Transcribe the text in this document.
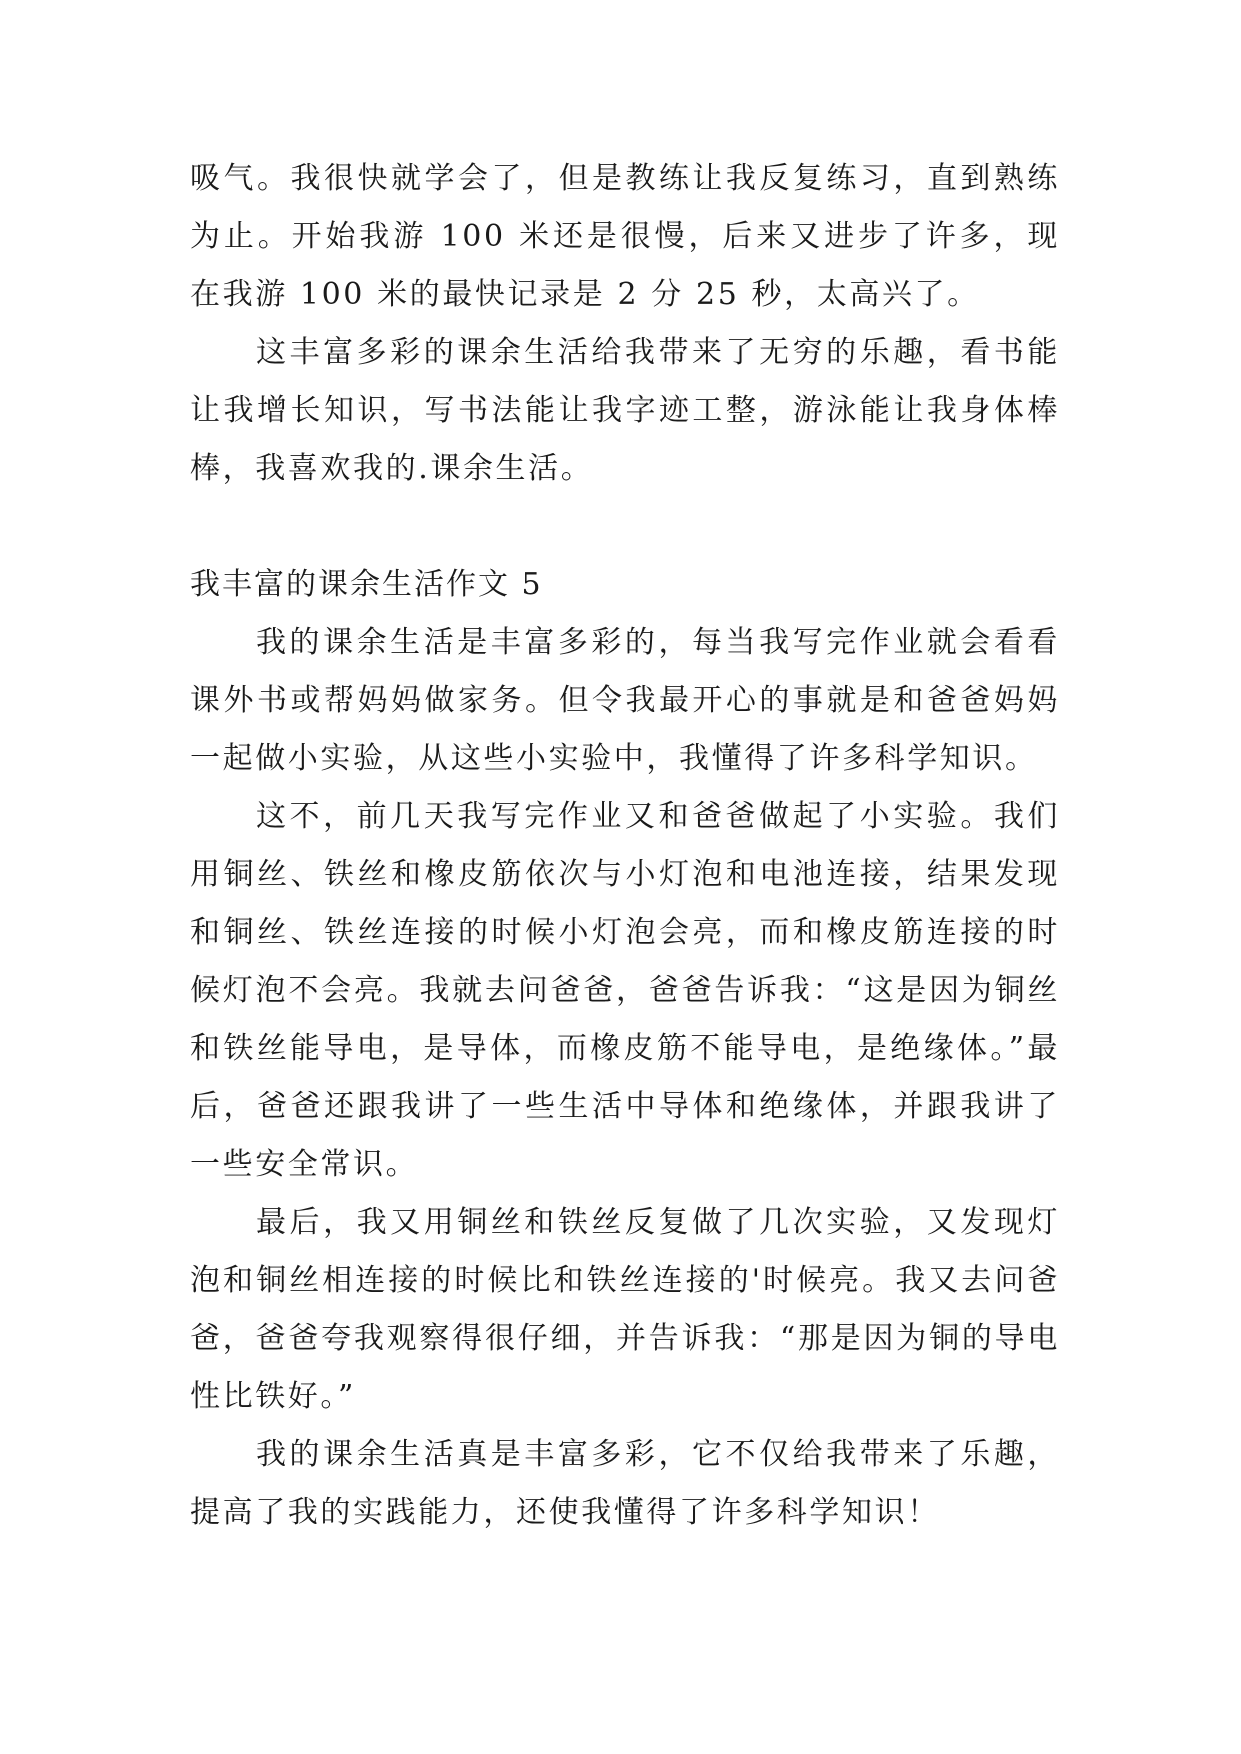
吸气。我很快就学会了，但是教练让我反复练习，直到熟练为止。开始我游 100 米还是很慢，后来又进步了许多，现在我游 100 米的最快记录是 2 分 25 秒，太高兴了。

这丰富多彩的课余生活给我带来了无穷的乐趣，看书能让我增长知识，写书法能让我字迹工整，游泳能让我身体棒棒，我喜欢我的.课余生活。

我丰富的课余生活作文 5

我的课余生活是丰富多彩的，每当我写完作业就会看看课外书或帮妈妈做家务。但令我最开心的事就是和爸爸妈妈一起做小实验，从这些小实验中，我懂得了许多科学知识。

这不，前几天我写完作业又和爸爸做起了小实验。我们用铜丝、铁丝和橡皮筋依次与小灯泡和电池连接，结果发现和铜丝、铁丝连接的时候小灯泡会亮，而和橡皮筋连接的时候灯泡不会亮。我就去问爸爸，爸爸告诉我：“这是因为铜丝和铁丝能导电，是导体，而橡皮筋不能导电，是绝缘体。”最后，爸爸还跟我讲了一些生活中导体和绝缘体，并跟我讲了一些安全常识。

最后，我又用铜丝和铁丝反复做了几次实验，又发现灯泡和铜丝相连接的时候比和铁丝连接的'时候亮。我又去问爸爸，爸爸夸我观察得很仔细，并告诉我：“那是因为铜的导电性比铁好。”

我的课余生活真是丰富多彩，它不仅给我带来了乐趣，提高了我的实践能力，还使我懂得了许多科学知识！
